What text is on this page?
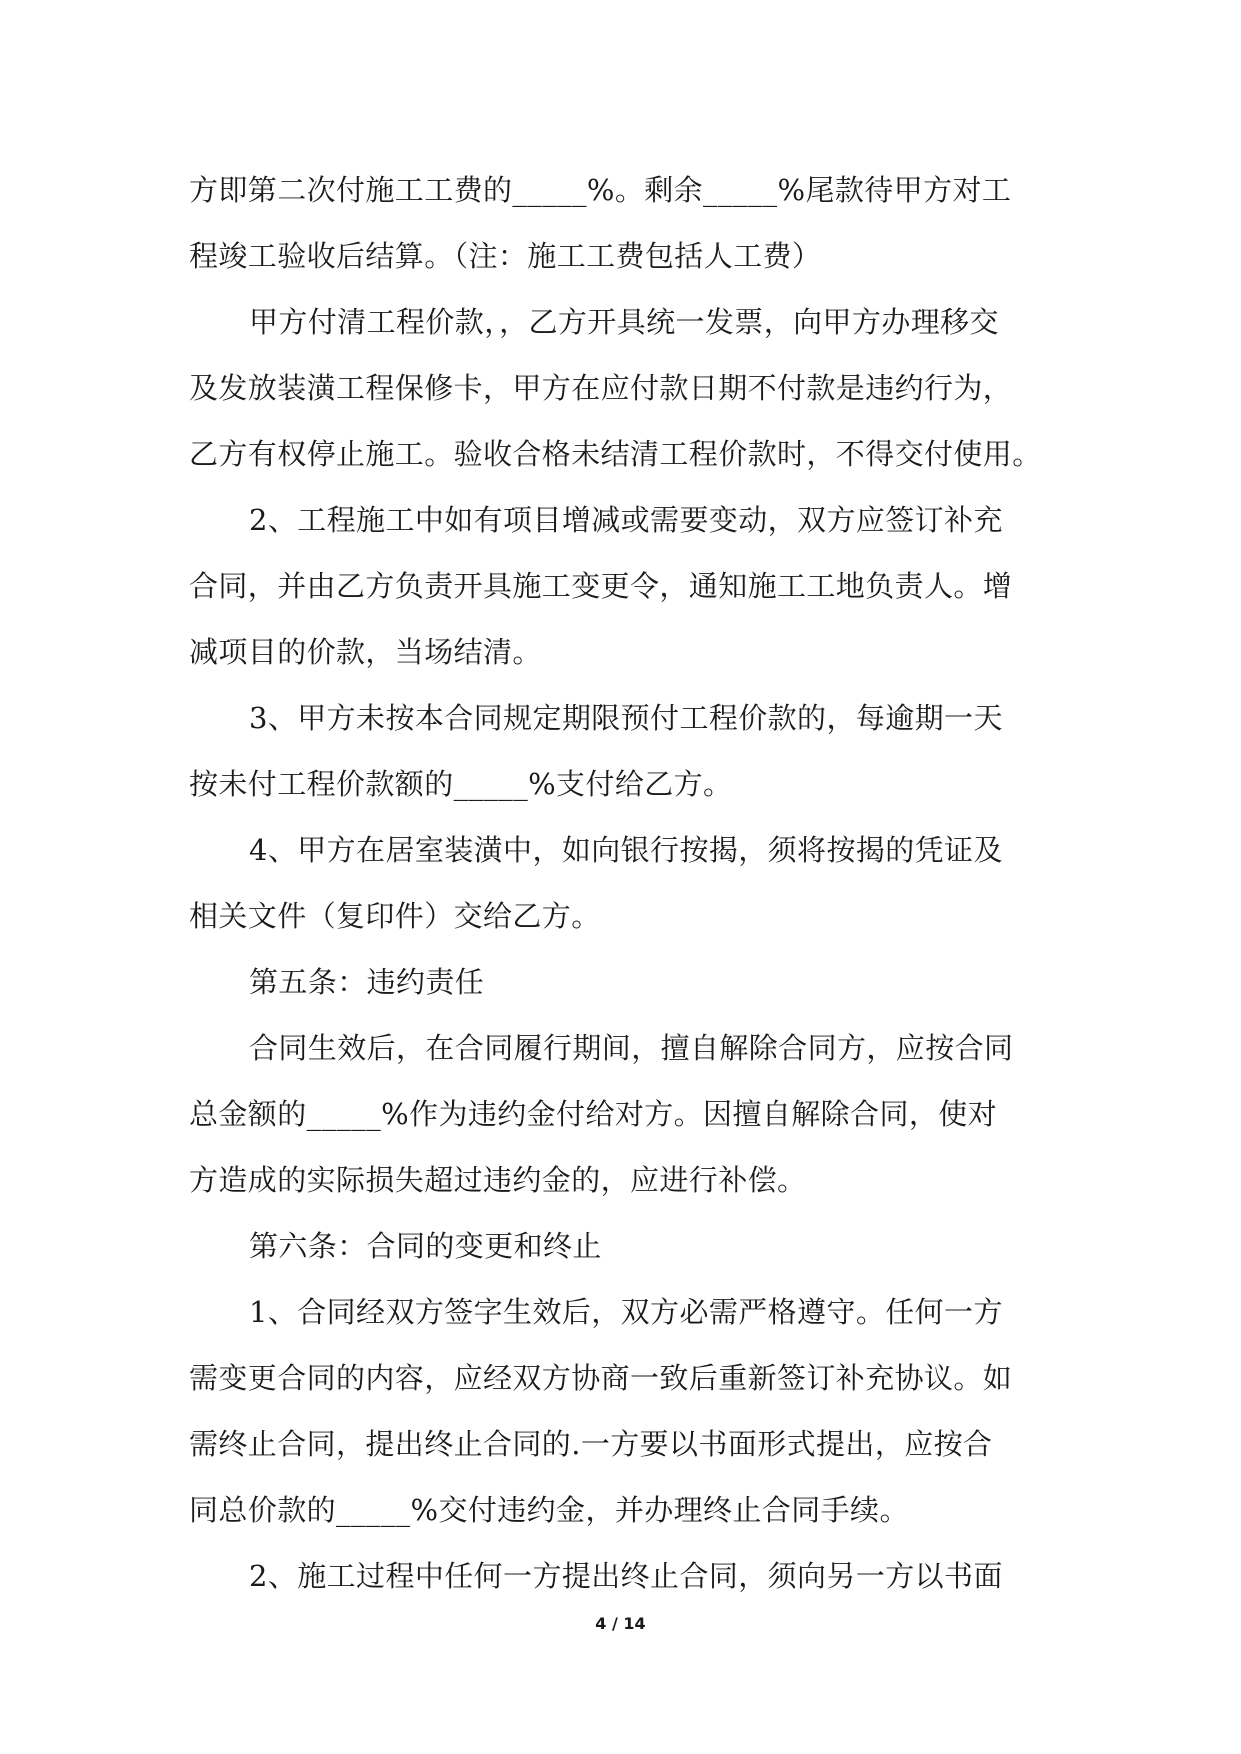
方即第二次付施工工费的_____%。剩余_____%尾款待甲方对工
程竣工验收后结算。（注：施工工费包括人工费）
甲方付清工程价款，，乙方开具统一发票，向甲方办理移交
及发放装潢工程保修卡，甲方在应付款日期不付款是违约行为，
乙方有权停止施工。验收合格未结清工程价款时，不得交付使用。
2、工程施工中如有项目增减或需要变动，双方应签订补充
合同，并由乙方负责开具施工变更令，通知施工工地负责人。增
减项目的价款，当场结清。
3、甲方未按本合同规定期限预付工程价款的，每逾期一天
按未付工程价款额的_____%支付给乙方。
4、甲方在居室装潢中，如向银行按揭，须将按揭的凭证及
相关文件（复印件）交给乙方。
第五条：违约责任
合同生效后，在合同履行期间，擅自解除合同方，应按合同
总金额的_____%作为违约金付给对方。因擅自解除合同，使对
方造成的实际损失超过违约金的，应进行补偿。
第六条：合同的变更和终止
1、合同经双方签字生效后，双方必需严格遵守。任何一方
需变更合同的内容，应经双方协商一致后重新签订补充协议。如
需终止合同，提出终止合同的.一方要以书面形式提出，应按合
同总价款的_____%交付违约金，并办理终止合同手续。
2、施工过程中任何一方提出终止合同，须向另一方以书面
4 / 14
